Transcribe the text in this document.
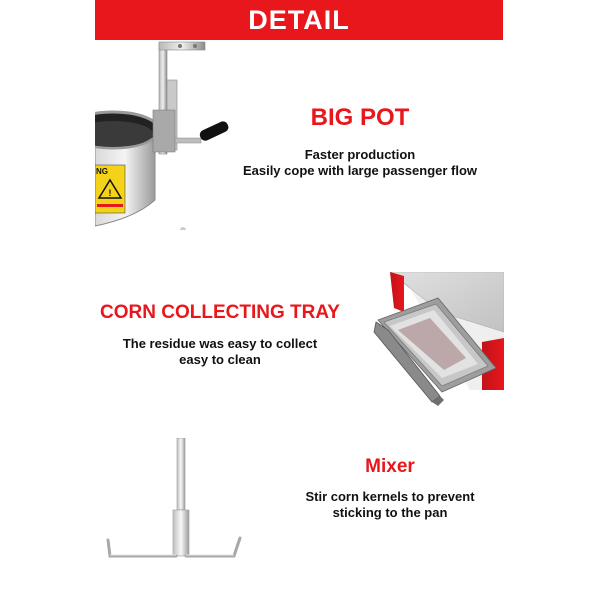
DETAIL
!
NG
BIG POT
Faster production
Easily cope with large passenger flow
CORN COLLECTING TRAY
The residue was easy to collect
easy to clean
Mixer
Stir corn kernels to prevent
sticking to the pan
